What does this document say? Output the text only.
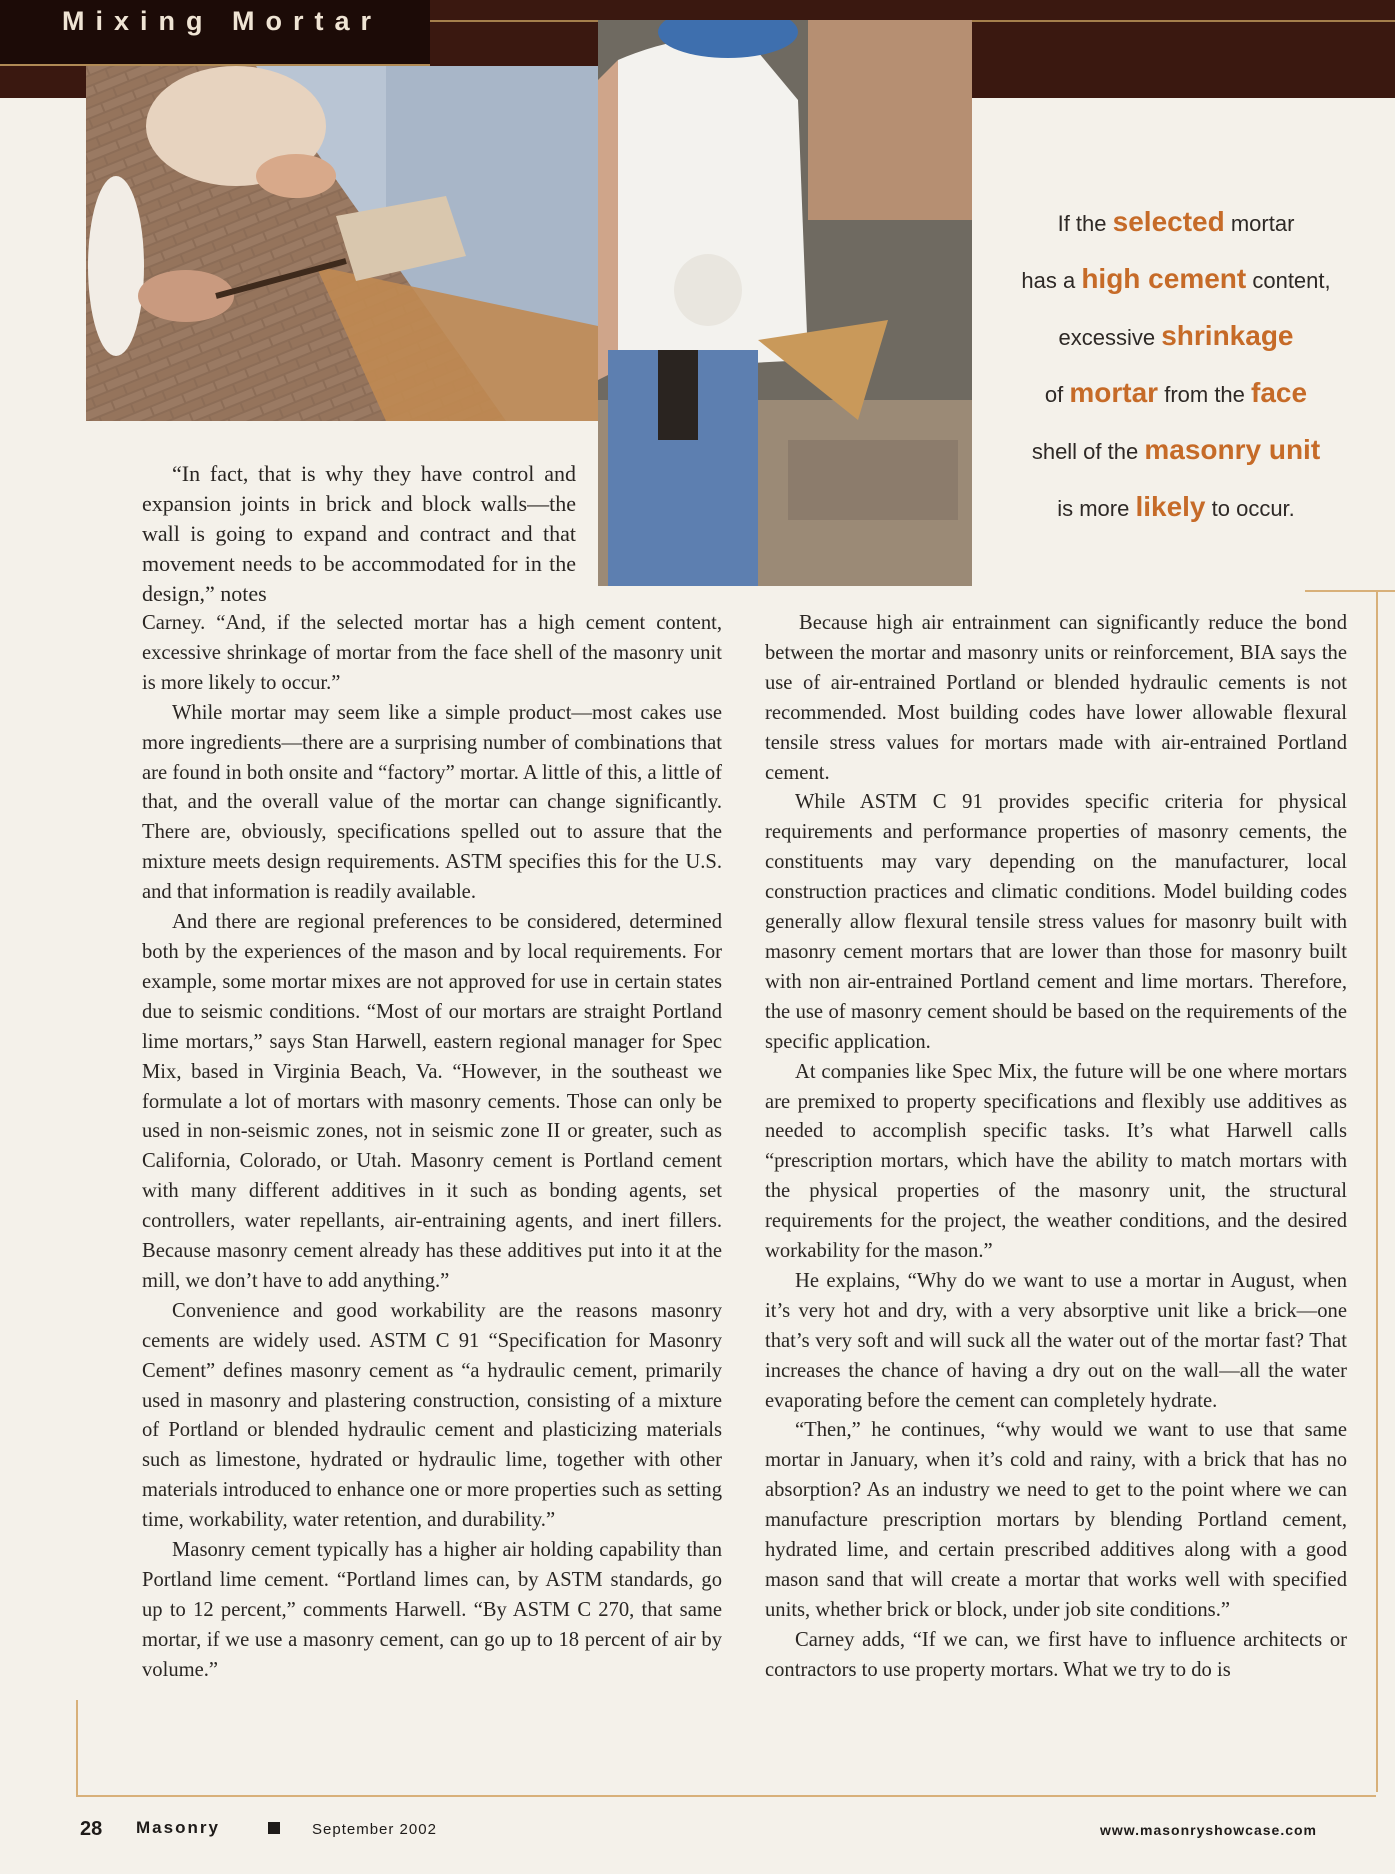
Mixing Mortar
If the selected mortar
has a high cement content,
excessive shrinkage
of mortar from the face
shell of the masonry unit
is more likely to occur.

“In fact, that is why they have control and expansion joints in brick and block walls—the wall is going to expand and contract and that movement needs to be accommodated for in the design,” notes

Carney. “And, if the selected mortar has a high cement content, excessive shrinkage of mortar from the face shell of the masonry unit is more likely to occur.”

While mortar may seem like a simple product—most cakes use more ingredients—there are a surprising number of combinations that are found in both onsite and “factory” mortar. A little of this, a little of that, and the overall value of the mortar can change significantly. There are, obviously, specifications spelled out to assure that the mixture meets design requirements. ASTM specifies this for the U.S. and that information is readily available.

And there are regional preferences to be considered, determined both by the experiences of the mason and by local requirements. For example, some mortar mixes are not approved for use in certain states due to seismic conditions. “Most of our mortars are straight Portland lime mortars,” says Stan Harwell, eastern regional manager for Spec Mix, based in Virginia Beach, Va. “However, in the southeast we formulate a lot of mortars with masonry cements. Those can only be used in non-seismic zones, not in seismic zone II or greater, such as California, Colorado, or Utah. Masonry cement is Portland cement with many different additives in it such as bonding agents, set controllers, water repellants, air-entraining agents, and inert fillers. Because masonry cement already has these additives put into it at the mill, we don’t have to add anything.”

Convenience and good workability are the reasons masonry cements are widely used. ASTM C 91 “Specification for Masonry Cement” defines masonry cement as “a hydraulic cement, primarily used in masonry and plastering construction, consisting of a mixture of Portland or blended hydraulic cement and plasticizing materials such as limestone, hydrated or hydraulic lime, together with other materials introduced to enhance one or more properties such as setting time, workability, water retention, and durability.”

Masonry cement typically has a higher air holding capability than Portland lime cement. “Portland limes can, by ASTM standards, go up to 12 percent,” comments Harwell. “By ASTM C 270, that same mortar, if we use a masonry cement, can go up to 18 percent of air by volume.”

Because high air entrainment can significantly reduce the bond between the mortar and masonry units or reinforcement, BIA says the use of air-entrained Portland or blended hydraulic cements is not recommended. Most building codes have lower allowable flexural tensile stress values for mortars made with air-entrained Portland cement.

While ASTM C 91 provides specific criteria for physical requirements and performance properties of masonry cements, the constituents may vary depending on the manufacturer, local construction practices and climatic conditions. Model building codes generally allow flexural tensile stress values for masonry built with masonry cement mortars that are lower than those for masonry built with non air-entrained Portland cement and lime mortars. Therefore, the use of masonry cement should be based on the requirements of the specific application.

At companies like Spec Mix, the future will be one where mortars are premixed to property specifications and flexibly use additives as needed to accomplish specific tasks. It’s what Harwell calls “prescription mortars, which have the ability to match mortars with the physical properties of the masonry unit, the structural requirements for the project, the weather conditions, and the desired workability for the mason.”

He explains, “Why do we want to use a mortar in August, when it’s very hot and dry, with a very absorptive unit like a brick—one that’s very soft and will suck all the water out of the mortar fast? That increases the chance of having a dry out on the wall—all the water evaporating before the cement can completely hydrate.

“Then,” he continues, “why would we want to use that same mortar in January, when it’s cold and rainy, with a brick that has no absorption? As an industry we need to get to the point where we can manufacture prescription mortars by blending Portland cement, hydrated lime, and certain prescribed additives along with a good mason sand that will create a mortar that works well with specified units, whether brick or block, under job site conditions.”

Carney adds, “If we can, we first have to influence architects or contractors to use property mortars. What we try to do is

28 Masonry	September 2002	www.masonryshowcase.com
